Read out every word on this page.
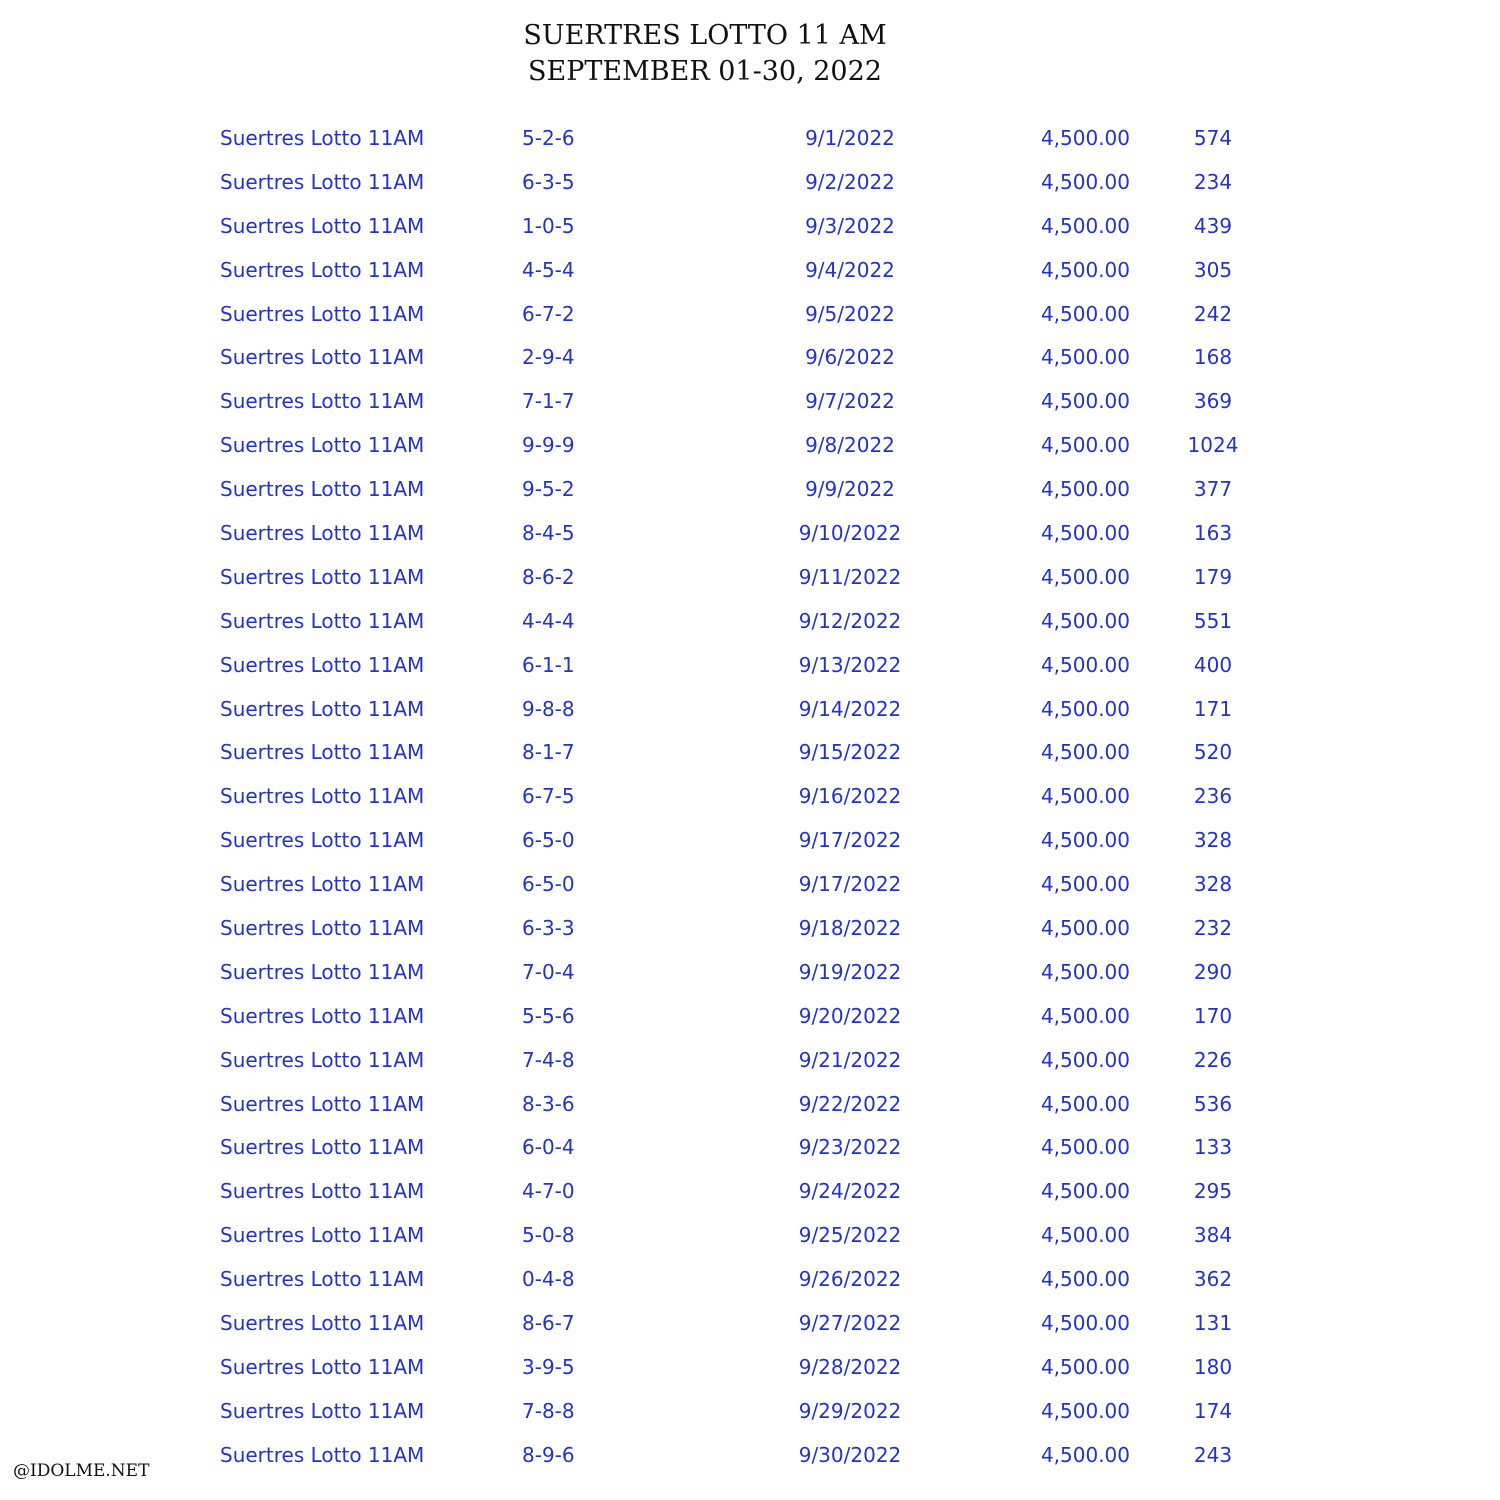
SUERTRES LOTTO 11 AM
SEPTEMBER 01-30, 2022
Suertres Lotto 11AM	5-2-6	9/1/2022	4,500.00	574
Suertres Lotto 11AM	6-3-5	9/2/2022	4,500.00	234
Suertres Lotto 11AM	1-0-5	9/3/2022	4,500.00	439
Suertres Lotto 11AM	4-5-4	9/4/2022	4,500.00	305
Suertres Lotto 11AM	6-7-2	9/5/2022	4,500.00	242
Suertres Lotto 11AM	2-9-4	9/6/2022	4,500.00	168
Suertres Lotto 11AM	7-1-7	9/7/2022	4,500.00	369
Suertres Lotto 11AM	9-9-9	9/8/2022	4,500.00	1024
Suertres Lotto 11AM	9-5-2	9/9/2022	4,500.00	377
Suertres Lotto 11AM	8-4-5	9/10/2022	4,500.00	163
Suertres Lotto 11AM	8-6-2	9/11/2022	4,500.00	179
Suertres Lotto 11AM	4-4-4	9/12/2022	4,500.00	551
Suertres Lotto 11AM	6-1-1	9/13/2022	4,500.00	400
Suertres Lotto 11AM	9-8-8	9/14/2022	4,500.00	171
Suertres Lotto 11AM	8-1-7	9/15/2022	4,500.00	520
Suertres Lotto 11AM	6-7-5	9/16/2022	4,500.00	236
Suertres Lotto 11AM	6-5-0	9/17/2022	4,500.00	328
Suertres Lotto 11AM	6-5-0	9/17/2022	4,500.00	328
Suertres Lotto 11AM	6-3-3	9/18/2022	4,500.00	232
Suertres Lotto 11AM	7-0-4	9/19/2022	4,500.00	290
Suertres Lotto 11AM	5-5-6	9/20/2022	4,500.00	170
Suertres Lotto 11AM	7-4-8	9/21/2022	4,500.00	226
Suertres Lotto 11AM	8-3-6	9/22/2022	4,500.00	536
Suertres Lotto 11AM	6-0-4	9/23/2022	4,500.00	133
Suertres Lotto 11AM	4-7-0	9/24/2022	4,500.00	295
Suertres Lotto 11AM	5-0-8	9/25/2022	4,500.00	384
Suertres Lotto 11AM	0-4-8	9/26/2022	4,500.00	362
Suertres Lotto 11AM	8-6-7	9/27/2022	4,500.00	131
Suertres Lotto 11AM	3-9-5	9/28/2022	4,500.00	180
Suertres Lotto 11AM	7-8-8	9/29/2022	4,500.00	174
Suertres Lotto 11AM	8-9-6	9/30/2022	4,500.00	243
@IDOLME.NET
